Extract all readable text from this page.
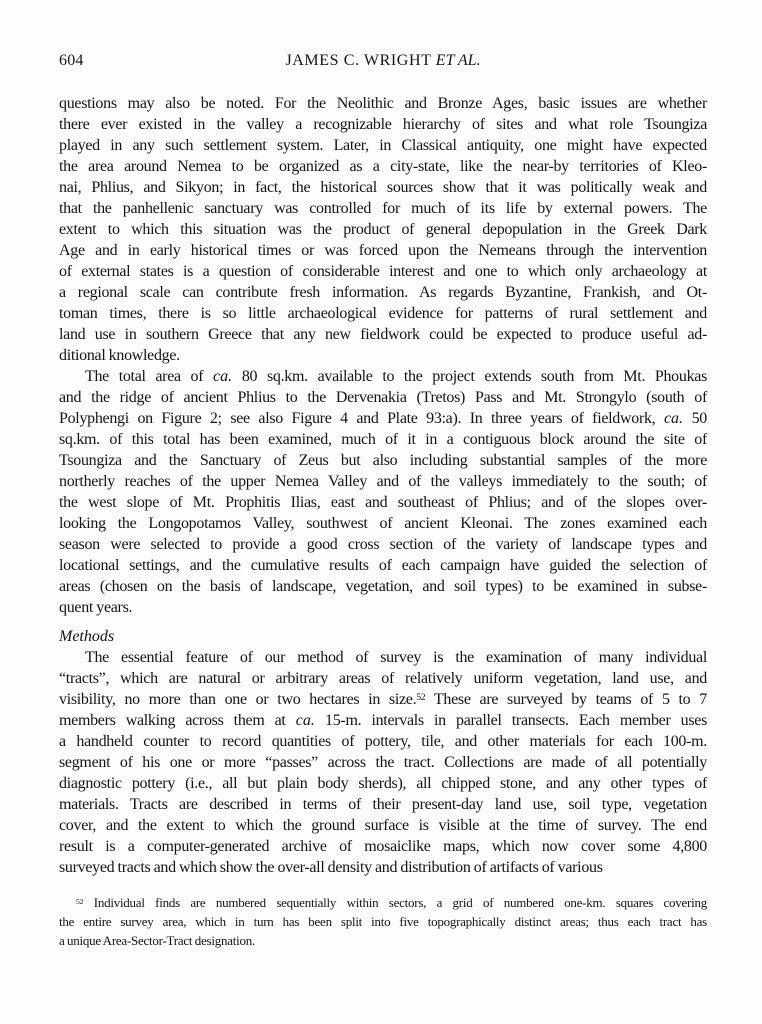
604	JAMES C. WRIGHT ET AL.
questions may also be noted. For the Neolithic and Bronze Ages, basic issues are whether
there ever existed in the valley a recognizable hierarchy of sites and what role Tsoungiza
played in any such settlement system. Later, in Classical antiquity, one might have expected
the area around Nemea to be organized as a city-state, like the near-by territories of Kleo-
nai, Phlius, and Sikyon; in fact, the historical sources show that it was politically weak and
that the panhellenic sanctuary was controlled for much of its life by external powers. The
extent to which this situation was the product of general depopulation in the Greek Dark
Age and in early historical times or was forced upon the Nemeans through the intervention
of external states is a question of considerable interest and one to which only archaeology at
a regional scale can contribute fresh information. As regards Byzantine, Frankish, and Ot-
toman times, there is so little archaeological evidence for patterns of rural settlement and
land use in southern Greece that any new fieldwork could be expected to produce useful ad-
ditional knowledge.
The total area of ca. 80 sq.km. available to the project extends south from Mt. Phoukas
and the ridge of ancient Phlius to the Dervenakia (Tretos) Pass and Mt. Strongylo (south of
Polyphengi on Figure 2; see also Figure 4 and Plate 93:a). In three years of fieldwork, ca. 50
sq.km. of this total has been examined, much of it in a contiguous block around the site of
Tsoungiza and the Sanctuary of Zeus but also including substantial samples of the more
northerly reaches of the upper Nemea Valley and of the valleys immediately to the south; of
the west slope of Mt. Prophitis Ilias, east and southeast of Phlius; and of the slopes over-
looking the Longopotamos Valley, southwest of ancient Kleonai. The zones examined each
season were selected to provide a good cross section of the variety of landscape types and
locational settings, and the cumulative results of each campaign have guided the selection of
areas (chosen on the basis of landscape, vegetation, and soil types) to be examined in subse-
quent years.
Methods
The essential feature of our method of survey is the examination of many individual
“tracts”, which are natural or arbitrary areas of relatively uniform vegetation, land use, and
visibility, no more than one or two hectares in size.$^{52}$ These are surveyed by teams of 5 to 7
members walking across them at ca. 15-m. intervals in parallel transects. Each member uses
a handheld counter to record quantities of pottery, tile, and other materials for each 100-m.
segment of his one or more “passes” across the tract. Collections are made of all potentially
diagnostic pottery (i.e., all but plain body sherds), all chipped stone, and any other types of
materials. Tracts are described in terms of their present-day land use, soil type, vegetation
cover, and the extent to which the ground surface is visible at the time of survey. The end
result is a computer-generated archive of mosaiclike maps, which now cover some 4,800
surveyed tracts and which show the over-all density and distribution of artifacts of various
$^{52}$ Individual finds are numbered sequentially within sectors, a grid of numbered one-km. squares covering
the entire survey area, which in turn has been split into five topographically distinct areas; thus each tract has
a unique Area-Sector-Tract designation.
